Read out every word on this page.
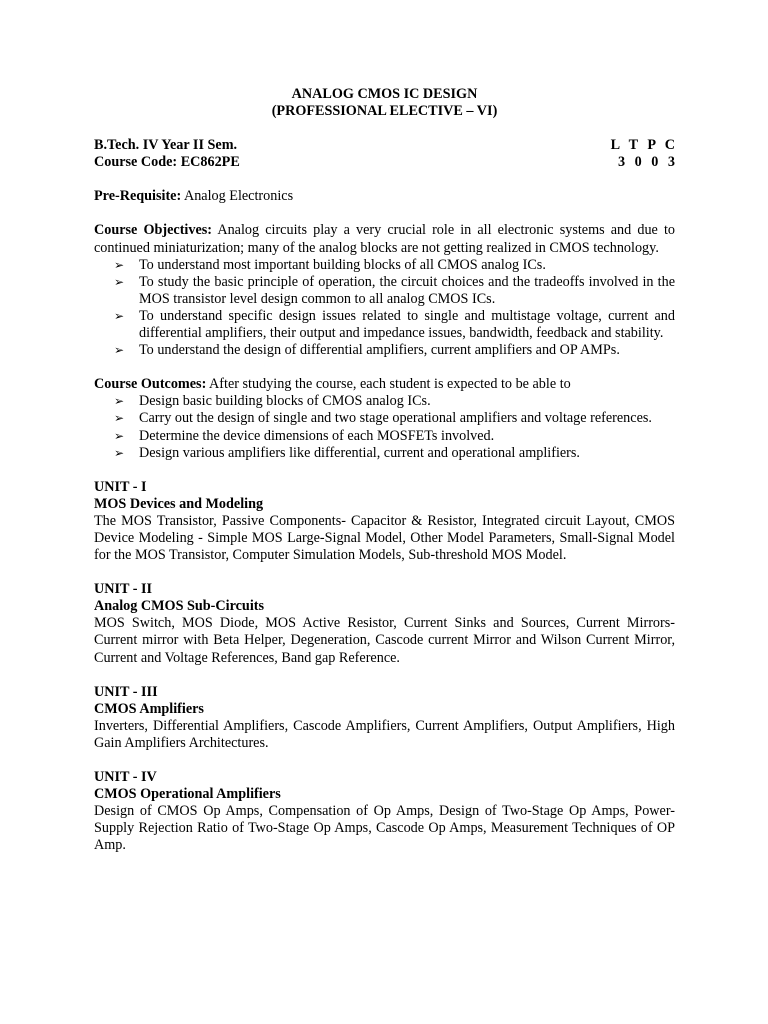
ANALOG CMOS IC DESIGN
(PROFESSIONAL ELECTIVE – VI)
B.Tech. IV Year II Sem.	L T P C
Course Code: EC862PE	3 0 0 3

Pre-Requisite: Analog Electronics

Course Objectives: Analog circuits play a very crucial role in all electronic systems and due to continued miniaturization; many of the analog blocks are not getting realized in CMOS technology.

➢ To understand most important building blocks of all CMOS analog ICs.
➢ To study the basic principle of operation, the circuit choices and the tradeoffs involved in the MOS transistor level design common to all analog CMOS ICs.
➢ To understand specific design issues related to single and multistage voltage, current and differential amplifiers, their output and impedance issues, bandwidth, feedback and stability.
➢ To understand the design of differential amplifiers, current amplifiers and OP AMPs.

Course Outcomes: After studying the course, each student is expected to be able to

➢ Design basic building blocks of CMOS analog ICs.
➢ Carry out the design of single and two stage operational amplifiers and voltage references.
➢ Determine the device dimensions of each MOSFETs involved.
➢ Design various amplifiers like differential, current and operational amplifiers.
UNIT - I
MOS Devices and Modeling

The MOS Transistor, Passive Components- Capacitor & Resistor, Integrated circuit Layout, CMOS Device Modeling - Simple MOS Large-Signal Model, Other Model Parameters, Small-Signal Model for the MOS Transistor, Computer Simulation Models, Sub-threshold MOS Model.

UNIT - II
Analog CMOS Sub-Circuits

MOS Switch, MOS Diode, MOS Active Resistor, Current Sinks and Sources, Current Mirrors-Current mirror with Beta Helper, Degeneration, Cascode current Mirror and Wilson Current Mirror, Current and Voltage References, Band gap Reference.

UNIT - III
CMOS Amplifiers

Inverters, Differential Amplifiers, Cascode Amplifiers, Current Amplifiers, Output Amplifiers, High Gain Amplifiers Architectures.

UNIT - IV
CMOS Operational Amplifiers

Design of CMOS Op Amps, Compensation of Op Amps, Design of Two-Stage Op Amps, Power- Supply Rejection Ratio of Two-Stage Op Amps, Cascode Op Amps, Measurement Techniques of OP Amp.
